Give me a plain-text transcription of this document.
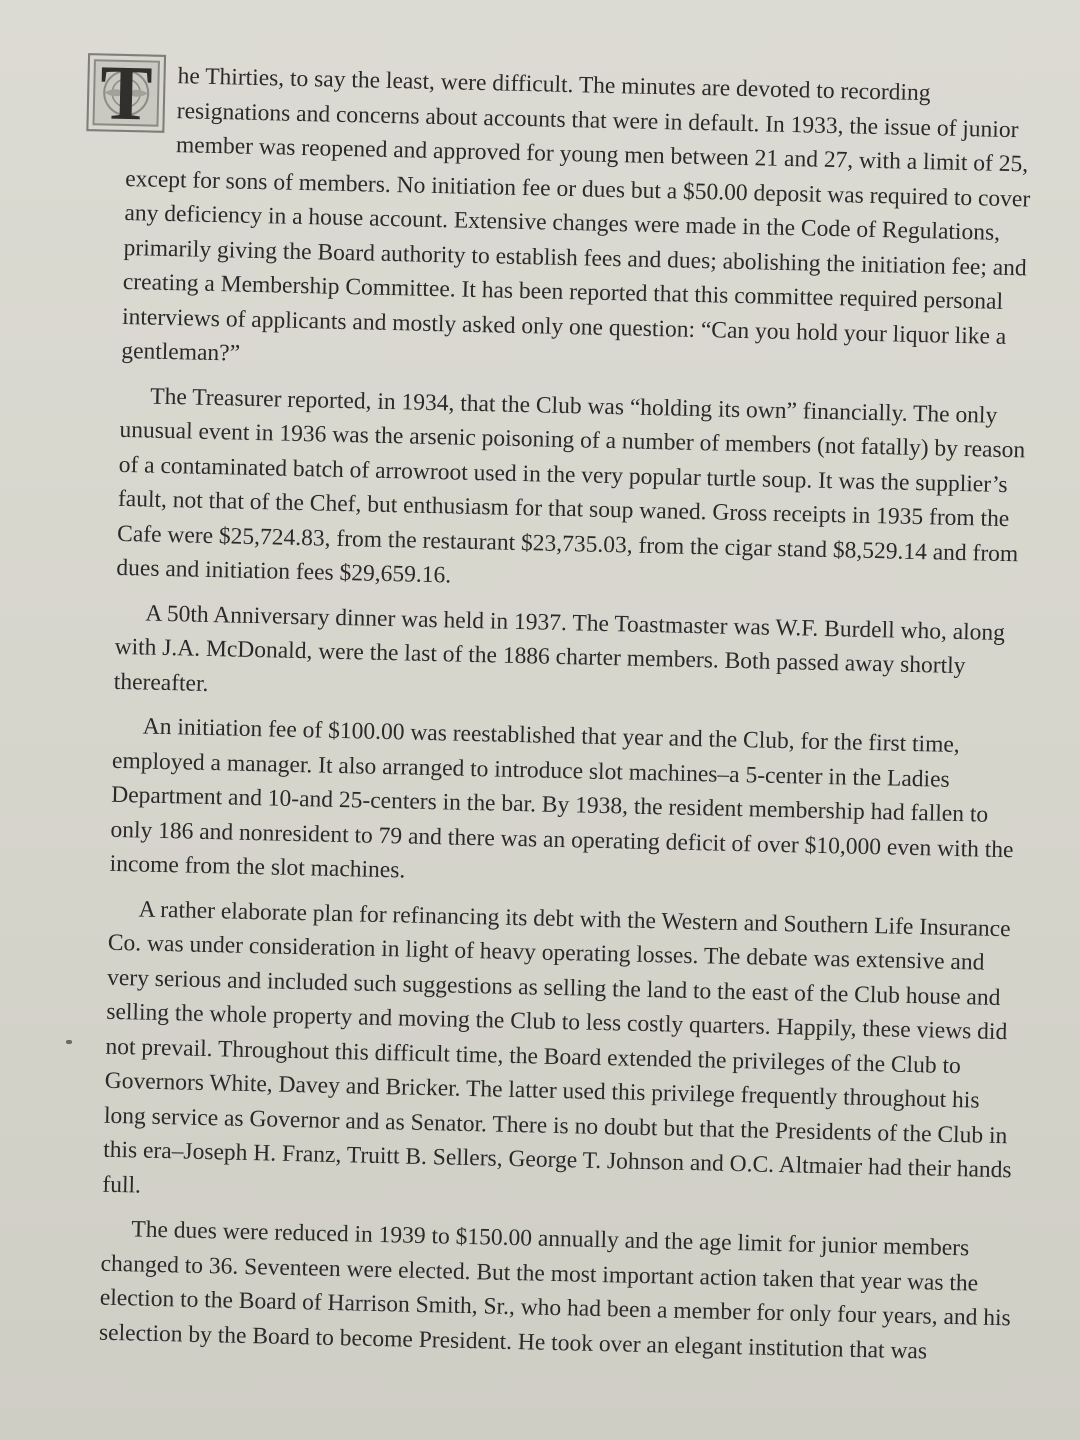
T	he Thirties, to say the least, were difficult. The minutes are devoted to recording resignations and concerns about accounts that were in default. In 1933, the issue of junior member was reopened and approved for young men between 21 and 27, with a limit of 25, except for sons of members. No initiation fee or dues but a $50.00 deposit was required to cover any deficiency in a house account. Extensive changes were made in the Code of Regulations, primarily giving the Board authority to establish fees and dues; abolishing the initiation fee; and creating a Membership Committee. It has been reported that this committee required personal interviews of applicants and mostly asked only one question: “Can you hold your liquor like a gentleman?”

The Treasurer reported, in 1934, that the Club was “holding its own” financially. The only unusual event in 1936 was the arsenic poisoning of a number of members (not fatally) by reason of a contaminated batch of arrowroot used in the very popular turtle soup. It was the supplier’s fault, not that of the Chef, but enthusiasm for that soup waned. Gross receipts in 1935 from the Cafe were $25,724.83, from the restaurant $23,735.03, from the cigar stand $8,529.14 and from dues and initiation fees $29,659.16.

A 50th Anniversary dinner was held in 1937. The Toastmaster was W.F. Burdell who, along with J.A. McDonald, were the last of the 1886 charter members. Both passed away shortly thereafter.

An initiation fee of $100.00 was reestablished that year and the Club, for the first time, employed a manager. It also arranged to introduce slot machines–a 5-center in the Ladies Department and 10-and 25-centers in the bar. By 1938, the resident membership had fallen to only 186 and nonresident to 79 and there was an operating deficit of over $10,000 even with the income from the slot machines.

A rather elaborate plan for refinancing its debt with the Western and Southern Life Insurance Co. was under consideration in light of heavy operating losses. The debate was extensive and very serious and included such suggestions as selling the land to the east of the Club house and selling the whole property and moving the Club to less costly quarters. Happily, these views did not prevail. Throughout this difficult time, the Board extended the privileges of the Club to Governors White, Davey and Bricker. The latter used this privilege frequently throughout his long service as Governor and as Senator. There is no doubt but that the Presidents of the Club in this era–Joseph H. Franz, Truitt B. Sellers, George T. Johnson and O.C. Altmaier had their hands full.

The dues were reduced in 1939 to $150.00 annually and the age limit for junior members changed to 36. Seventeen were elected. But the most important action taken that year was the election to the Board of Harrison Smith, Sr., who had been a member for only four years, and his selection by the Board to become President. He took over an elegant institution that was
